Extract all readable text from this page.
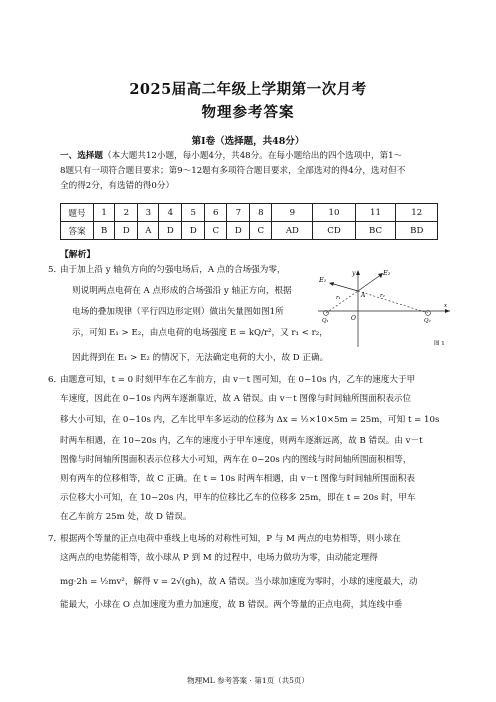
2025届高二年级上学期第一次月考
物理参考答案
第Ⅰ卷（选择题，共48分）
一、选择题（本大题共12小题，每小题4分，共48分。在每小题给出的四个选项中，第1～
8题只有一项符合题目要求；第9～12题有多项符合题目要求，全部选对的得4分，选对但不
全的得2分，有选错的得0分）
题号	1	2	3	4	5	6	7	8	9	10	11	12
答案	B	D	A	D	D	C	D	C	AD	CD	BC	BD
【解析】
5．
由于加上沿 y 轴负方向的匀强电场后，A 点的合场强为零，
则说明两点电荷在 A 点形成的合场强沿 y 轴正方向，根据
电场的叠加规律（平行四边形定则）做出矢量图如图1所
示，可知 E₁ > E₂，由点电荷的电场强度 E = kQ/r²，又 r₁ < r₂，
因此得到在 E₁ > E₂ 的情况下，无法确定电荷的大小，故 D 正确。
E₁
E₂
y
A
r₁	r₂
O
Q₁	Q₂
x
图 1
6．
由题意可知，t = 0 时刻甲车在乙车前方，由 v－t 图可知，在 0~10s 内，乙车的速度大于甲
车速度，因此在 0~10s 内两车逐渐靠近，故 A 错误。由 v－t 图像与时间轴所围面积表示位
移大小可知，在 0~10s 内，乙车比甲车多运动的位移为 Δx = ½×10×5m = 25m，可知 t = 10s
时两车相遇，在 10~20s 内，乙车的速度小于甲车速度，则两车逐渐远离，故 B 错误。由 v－t
图像与时间轴所围面积表示位移大小可知，两车在 0~20s 内的图线与时间轴所围面积相等，
则有两车的位移相等，故 C 正确。在 t = 10s 时两车相遇，由 v－t 图像与时间轴所围面积表
示位移大小可知，在 10~20s 内，甲车的位移比乙车的位移多 25m，即在 t = 20s 时，甲车
在乙车前方 25m 处，故 D 错误。
7．
根据两个等量的正点电荷中垂线上电场的对称性可知，P 与 M 两点的电势相等，则小球在
这两点的电势能相等，故小球从 P 到 M 的过程中，电场力做功为零，由动能定理得
mg·2h = ½mv²，解得 v = 2√(gh)，故 A 错误。当小球加速度为零时，小球的速度最大，动
能最大，小球在 O 点加速度为重力加速度，故 B 错误。两个等量的正点电荷，其连线中垂
物理ML 参考答案 · 第1页（共5页）
